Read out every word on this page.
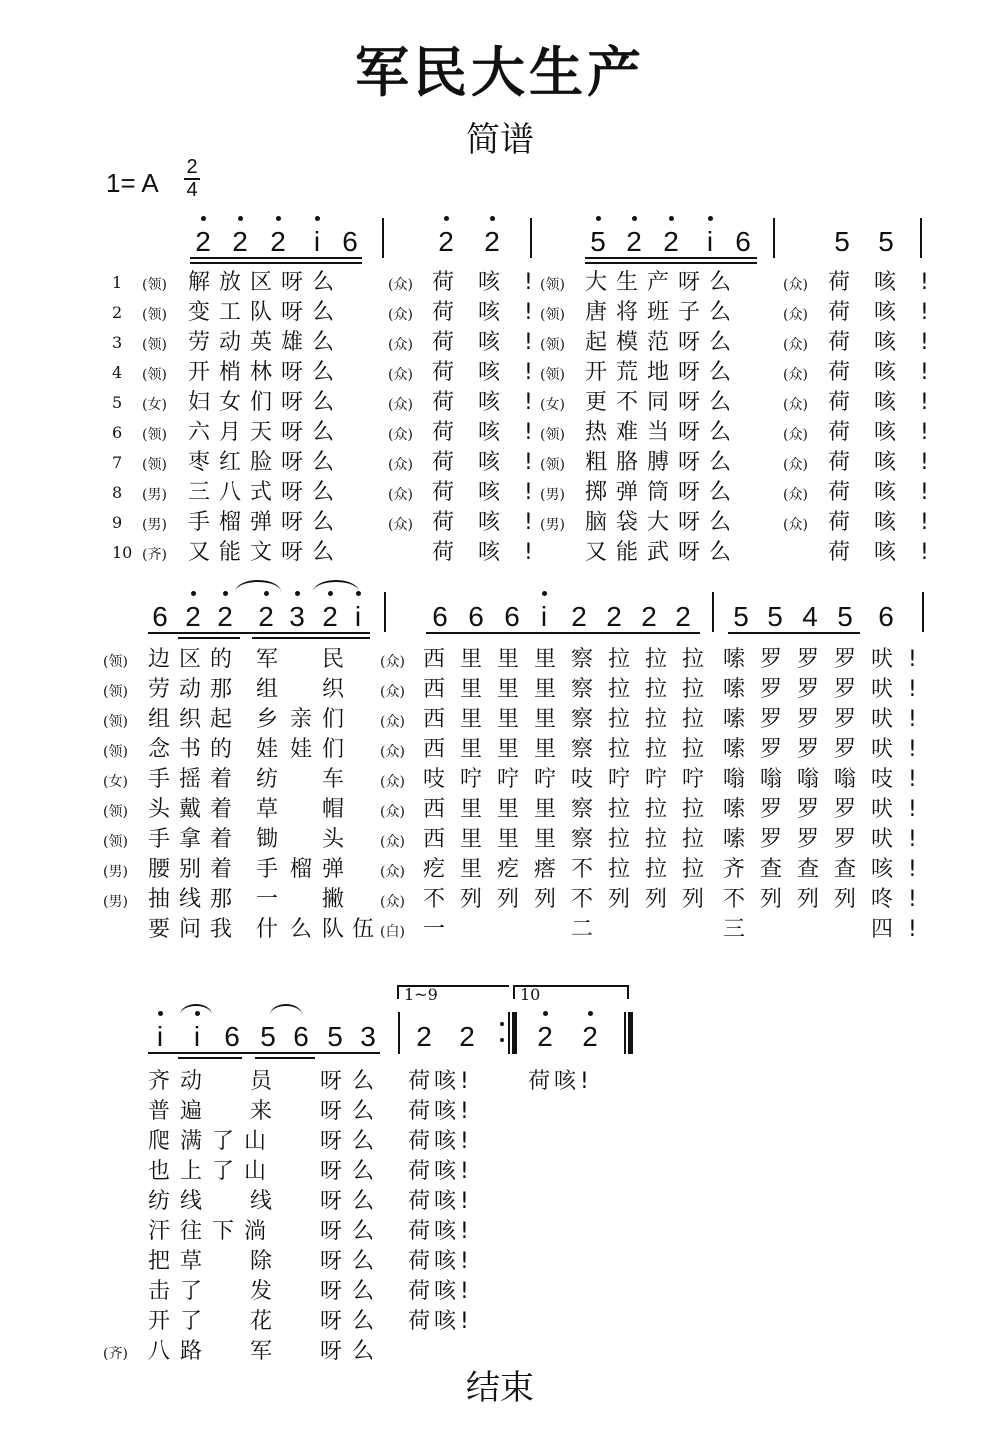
军民大生产
简谱
1= A
2
4
2 2 2	i 6	2 2	5 2 2	i 6	5 5
1 (领) 解 放 区 呀 么	(众) 荷	咳	! (领) 大 生 产 呀 么	(众) 荷	咳	!
2 (领) 变 工 队 呀 么	(众) 荷	咳	! (领) 唐 将 班 子 么	(众) 荷	咳	!
3 (领) 劳 动 英 雄 么	(众) 荷	咳	! (领) 起 模 范 呀 么	(众) 荷	咳	!
4 (领) 开 梢 林 呀 么	(众) 荷	咳	! (领) 开 荒 地 呀 么	(众) 荷	咳	!
5 (女) 妇 女 们 呀 么	(众) 荷	咳	! (女) 更 不 同 呀 么	(众) 荷	咳	!
6 (领) 六 月 天 呀 么	(众) 荷	咳	! (领) 热 难 当 呀 么	(众) 荷	咳	!
7 (领) 枣 红 脸 呀 么	(众) 荷	咳	! (领) 粗 胳 膊 呀 么	(众) 荷	咳	!
8 (男) 三 八 式 呀 么	(众) 荷	咳	! (男) 掷 弹 筒 呀 么	(众) 荷	咳	!
9 (男) 手 榴 弹 呀 么	(众) 荷	咳	! (男) 脑 袋 大 呀 么	(众) 荷	咳	!
10 (齐) 又 能 文 呀 么	荷	咳	!	又 能 武 呀 么	荷	咳	!
6 2 2 2 3 2 i	6 6 6 i 2 2 2 2 5 5 4 5 6
(领) 边 区 的	军	民	(众) 西 里 里 里 察 拉 拉 拉 嗦 罗 罗 罗 吠 !
(领) 劳 动 那	组	织	(众) 西 里 里 里 察 拉 拉 拉 嗦 罗 罗 罗 吠 !
(领) 组 织 起	乡 亲 们	(众) 西 里 里 里 察 拉 拉 拉 嗦 罗 罗 罗 吠 !
(领) 念 书 的	娃 娃 们	(众) 西 里 里 里 察 拉 拉 拉 嗦 罗 罗 罗 吠 !
(女) 手 摇 着	纺	车	(众) 吱 咛 咛 咛 吱 咛 咛 咛 嗡 嗡 嗡 嗡 吱 !
(领) 头 戴 着	草	帽	(众) 西 里 里 里 察 拉 拉 拉 嗦 罗 罗 罗 吠 !
(领) 手 拿 着	锄	头	(众) 西 里 里 里 察 拉 拉 拉 嗦 罗 罗 罗 吠 !
(男) 腰 别 着	手 榴 弹	(众) 疙 里 疙 瘩 不 拉 拉 拉 齐 查 查 查 咳 !
(男) 抽 线 那	一	撇	(众) 不 列 列 列 不 列 列 列 不 列 列 列 咚 !
要 问 我	什 么 队 伍 (白) 一	二	三	四 !
i	i 6 5 6 5 3 2 2 2 2
1~9	10
齐 动	员	呀 么	荷 咳 !	荷 咳 !
普 遍	来	呀 么	荷 咳 !
爬 满 了 山	呀 么	荷 咳 !
也 上 了 山	呀 么	荷 咳 !
纺 线	线	呀 么	荷 咳 !
汗 往 下 淌	呀 么	荷 咳 !
把 草	除	呀 么	荷 咳 !
击 了	发	呀 么	荷 咳 !
开 了	花	呀 么	荷 咳 !
(齐) 八 路	军	呀 么
结束
